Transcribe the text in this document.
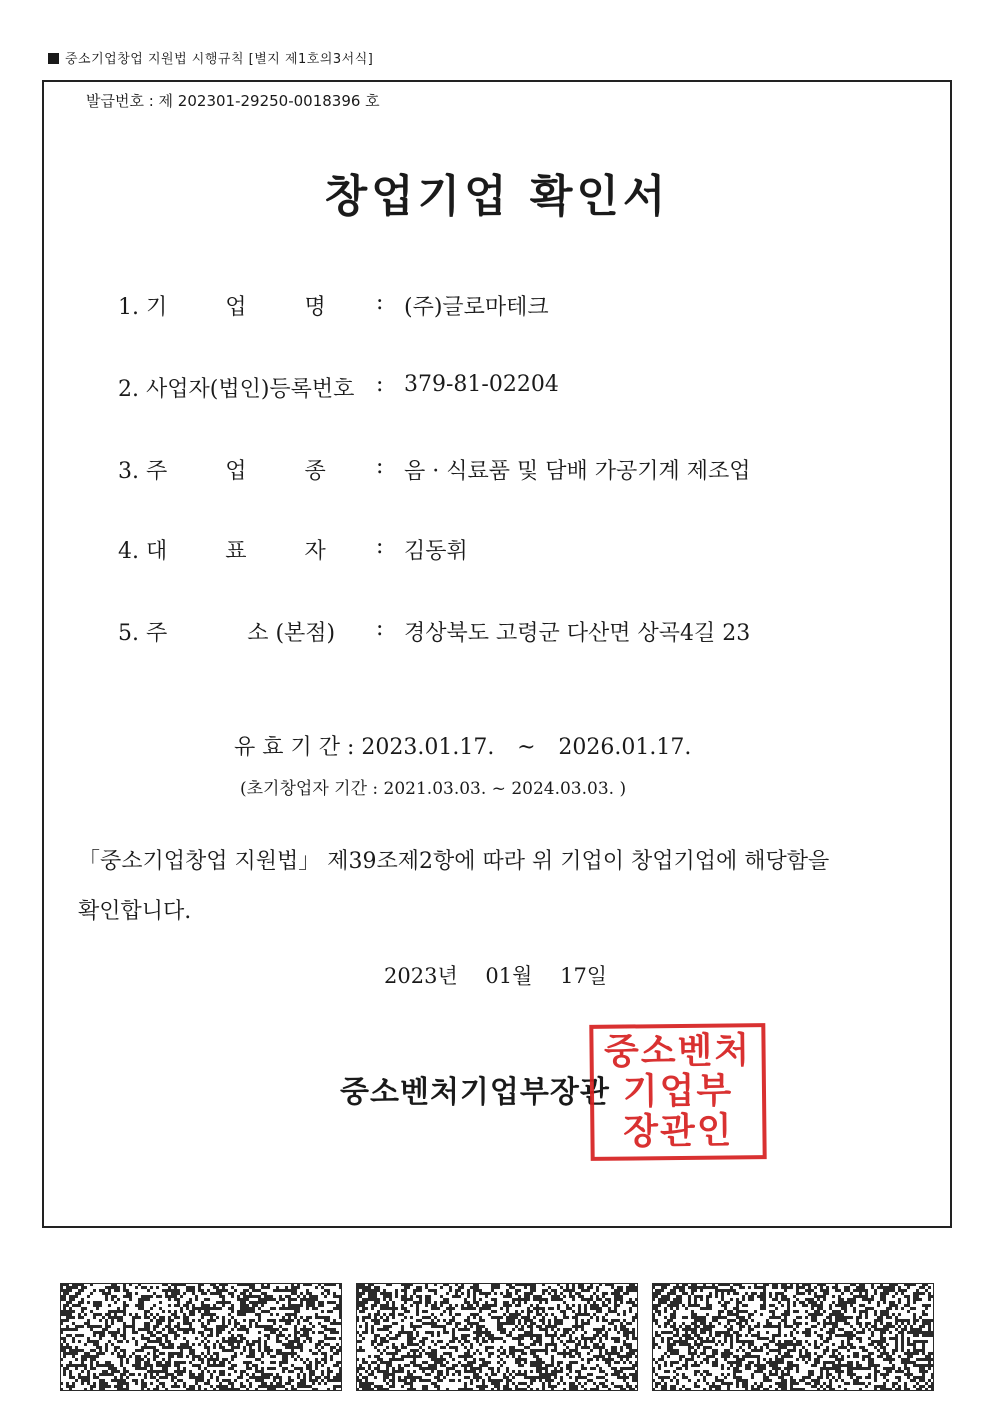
중소기업창업 지원법 시행규칙 [별지 제1호의3서식]
발급번호 : 제 202301-29250-0018396 호
창업기업 확인서
1. 기 　　 업 　　 명 : (주)글로마테크
2. 사업자(법인)등록번호 : 379-81-02204
3. 주 　　 업 　　 종 : 음 · 식료품 및 담배 가공기계 제조업
4. 대 　　 표 　　 자 : 김동휘
5. 주 　　　 소 (본점) : 경상북도 고령군 다산면 상곡4길 23
유 효 기 간 : 2023.01.17. ~ 2026.01.17.
(초기창업자 기간 : 2021.03.03. ~ 2024.03.03. )
「중소기업창업 지원법」 제39조제2항에 따라 위 기업이 창업기업에 해당함을
확인합니다.
2023년 　01월 　17일
중소벤처기업부장관
중소벤처
기업부
장관인
